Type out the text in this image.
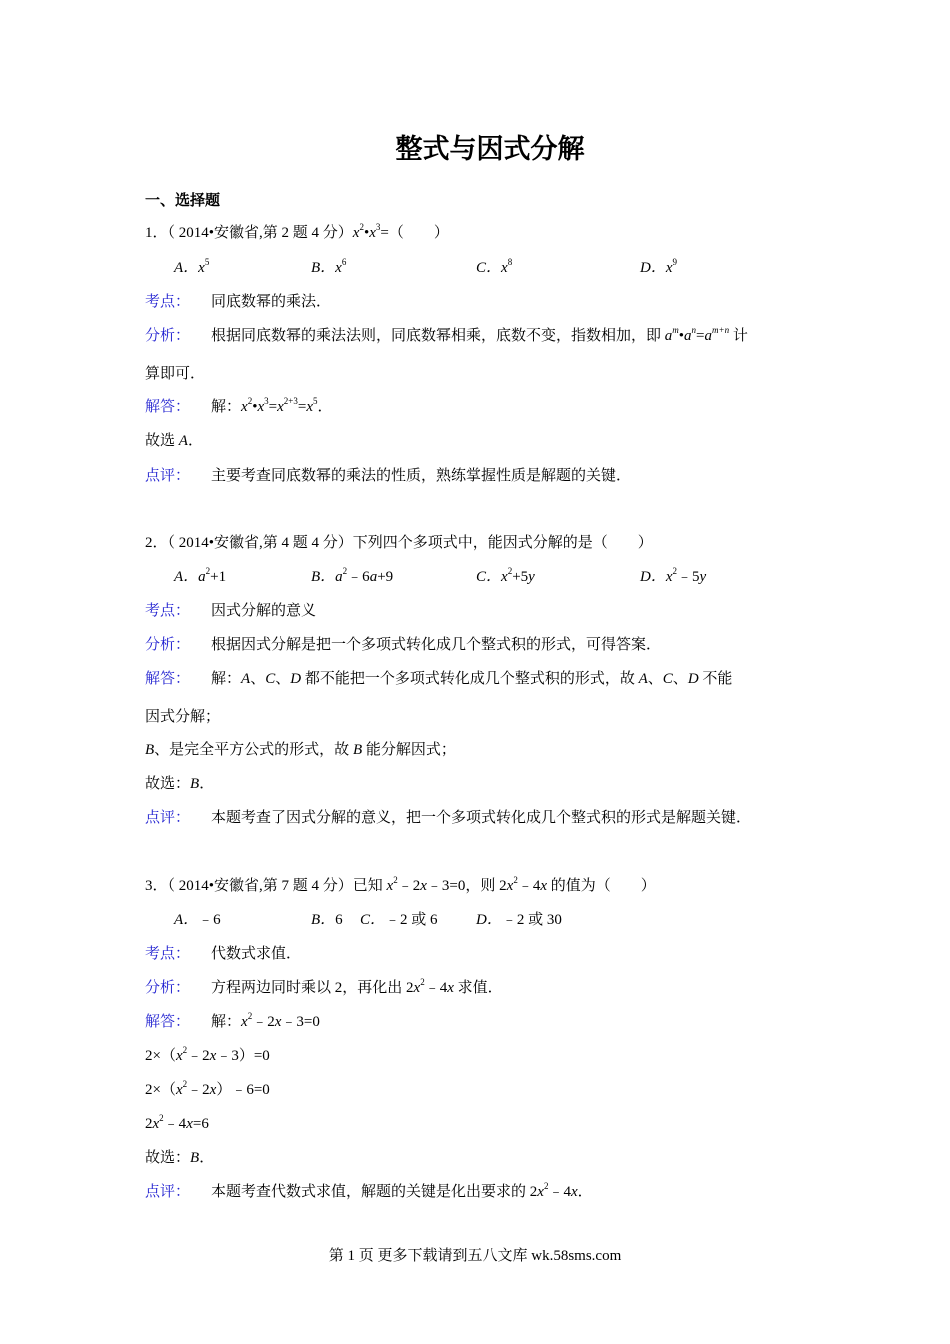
整式与因式分解
一、选择题
1．（ 2014•安徽省,第 2 题 4 分）$x^2•x^3=$（　　）
A．$x^5$	B．$x^6$	C．$x^8$	D．$x^9$
考点： 同底数幂的乘法．
分析： 根据同底数幂的乘法法则，同底数幂相乘，底数不变，指数相加，即 $a^m•a^n=a^{m+n}$ 计
算即可．
解答： 解：$x^2•x^3=x^{2+3}=x^5$．
故选 A．
点评： 主要考查同底数幂的乘法的性质，熟练掌握性质是解题的关键．
2．（ 2014•安徽省,第 4 题 4 分）下列四个多项式中，能因式分解的是（　　）
A．$a^2+1$	B．$a^2﹣6a+9$	C．$x^2+5y$	D．$x^2﹣5y$
考点： 因式分解的意义
分析： 根据因式分解是把一个多项式转化成几个整式积的形式，可得答案．
解答： 解：A、C、D 都不能把一个多项式转化成几个整式积的形式，故 A、C、D 不能
因式分解；
B、是完全平方公式的形式，故 B 能分解因式；
故选：B．
点评： 本题考查了因式分解的意义，把一个多项式转化成几个整式积的形式是解题关键．
3．（ 2014•安徽省,第 7 题 4 分）已知 $x^2﹣2x﹣3=0$，则 $2x^2﹣4x$ 的值为（　　）
A．﹣6	B．6 C．﹣2 或 6	D．﹣2 或 30
考点： 代数式求值．
分析： 方程两边同时乘以 2，再化出 $2x^2﹣4x$ 求值．
解答： 解：$x^2﹣2x﹣3=0$
$2\times(x^2﹣2x﹣3)=0$
$2\times(x^2﹣2x)﹣6=0$
$2x^2﹣4x=6$
故选：B．
点评： 本题考查代数式求值，解题的关键是化出要求的 $2x^2﹣4x$．
第 1 页 更多下载请到五八文库 wk.58sms.com
